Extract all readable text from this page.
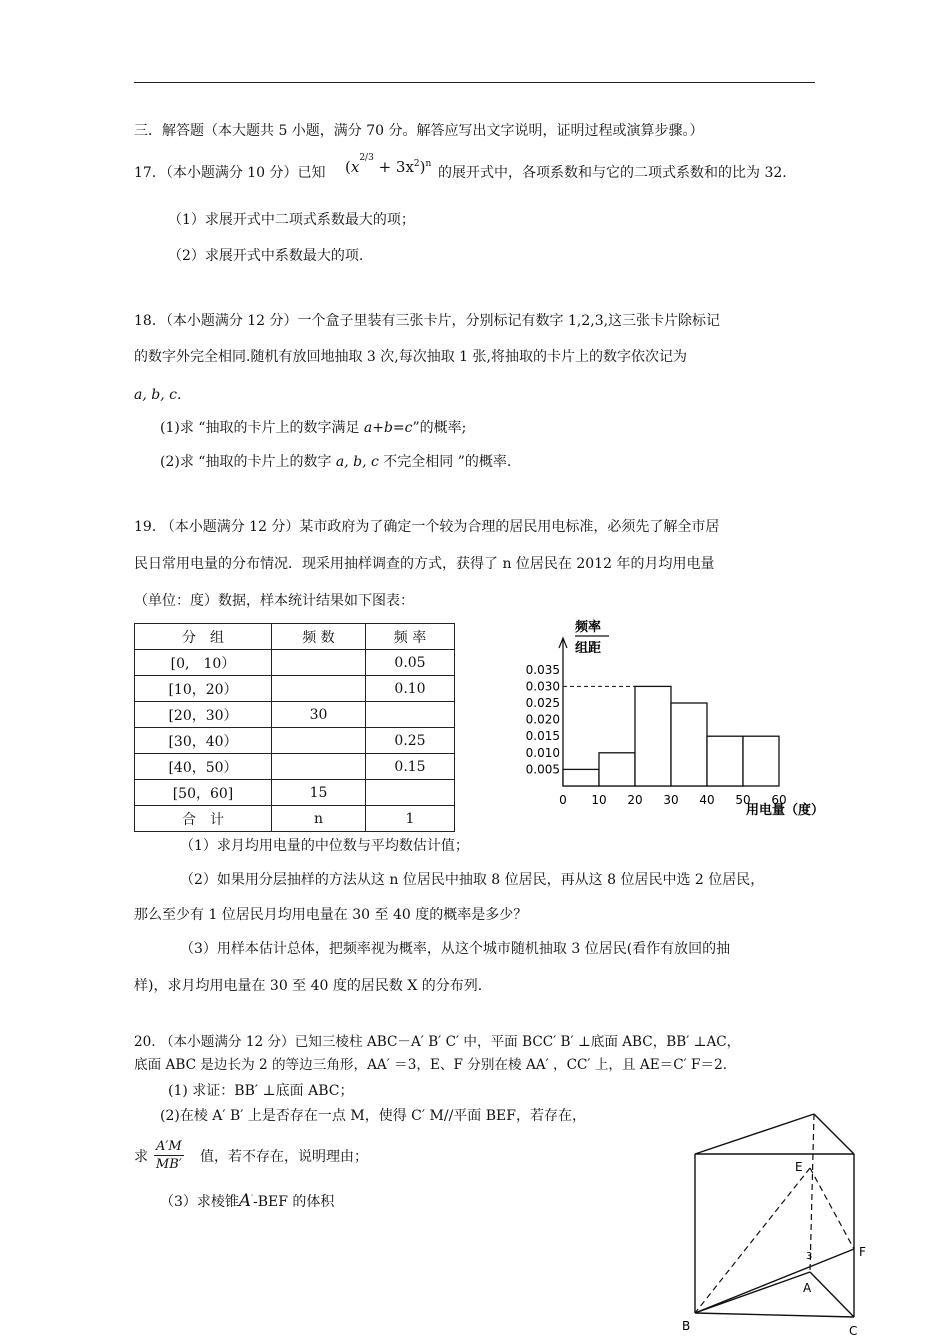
三．解答题（本大题共 5 小题，满分 70 分。解答应写出文字说明，证明过程或演算步骤。）
17．（本小题满分 10 分）已知 $(x^{2/3} + 3x^2)^n$
的展开式中，各项系数和与它的二项式系数和的比为 32.
（1）求展开式中二项式系数最大的项；
（2）求展开式中系数最大的项.
18．（本小题满分 12 分）一个盒子里装有三张卡片，分别标记有数字 1,2,3,这三张卡片除标记
的数字外完全相同.随机有放回地抽取 3 次,每次抽取 1 张,将抽取的卡片上的数字依次记为
a, b, c.
(1)求 “抽取的卡片上的数字满足 a+b=c”的概率;
(2)求 “抽取的卡片上的数字 a, b, c 不完全相同 ”的概率.
19. （本小题满分 12 分）某市政府为了确定一个较为合理的居民用电标准，必须先了解全市居
民日常用电量的分布情况．现采用抽样调查的方式，获得了 n 位居民在 2012 年的月均用电量
（单位：度）数据，样本统计结果如下图表：
分　组	频 数	频 率
[0,　10）		0.05
[10，20）		0.10
[20，30）	30	
[30，40）		0.25
[40，50）		0.15
[50，60]	15	
合　计	n	1
频率
组距
用电量（度）
0.005
0.010
0.015
0.020
0.025
0.030
0.035
0 10 20 30 40 50 60
（1）求月均用电量的中位数与平均数估计值；
（2）如果用分层抽样的方法从这 n 位居民中抽取 8 位居民，再从这 8 位居民中选 2 位居民，
那么至少有 1 位居民月均用电量在 30 至 40 度的概率是多少？
（3）用样本估计总体，把频率视为概率，从这个城市随机抽取 3 位居民(看作有放回的抽
样)，求月均用电量在 30 至 40 度的居民数 X 的分布列.
20. （本小题满分 12 分）已知三棱柱 ABC－A′ B′ C′ 中，平面 BCC′ B′ ⊥底面 ABC，BB′ ⊥AC，
底面 ABC 是边长为 2 的等边三角形，AA′ ＝3，E、F 分别在棱 AA′ ，CC′ 上，且 AE＝C′ F＝2.
(1) 求证：BB′ ⊥底面 ABC；
(2)在棱 A′ B′ 上是否存在一点 M，使得 C′ M//平面 BEF，若存在，
求 $\frac{A'M}{MB'}$ 值，若不存在，说明理由；
（3）求棱锥A′-BEF 的体积
E
F
A
3
B	C
